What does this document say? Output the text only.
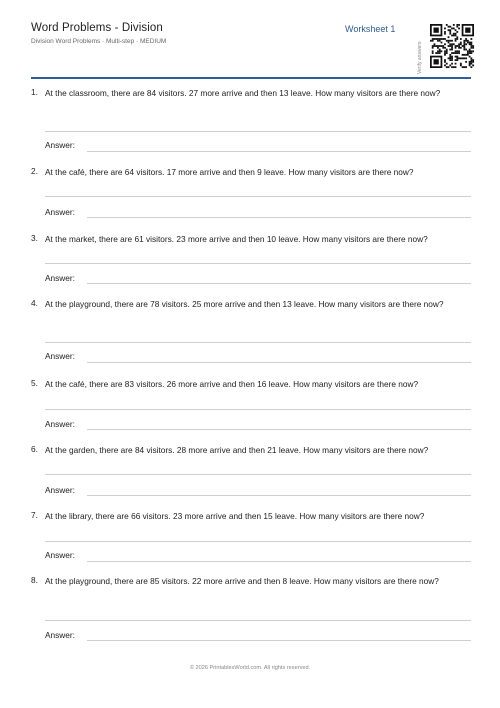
Word Problems - Division
Division Word Problems · Multi-step · MEDIUM
Worksheet 1
Verify answers
1. At the classroom, there are 84 visitors. 27 more arrive and then 13 leave. How many visitors are there now?
Answer:
2. At the café, there are 64 visitors. 17 more arrive and then 9 leave. How many visitors are there now?
Answer:
3. At the market, there are 61 visitors. 23 more arrive and then 10 leave. How many visitors are there now?
Answer:
4. At the playground, there are 78 visitors. 25 more arrive and then 13 leave. How many visitors are there now?
Answer:
5. At the café, there are 83 visitors. 26 more arrive and then 16 leave. How many visitors are there now?
Answer:
6. At the garden, there are 84 visitors. 28 more arrive and then 21 leave. How many visitors are there now?
Answer:
7. At the library, there are 66 visitors. 23 more arrive and then 15 leave. How many visitors are there now?
Answer:
8. At the playground, there are 85 visitors. 22 more arrive and then 8 leave. How many visitors are there now?
Answer:
© 2026 PrintablesWorld.com. All rights reserved.
